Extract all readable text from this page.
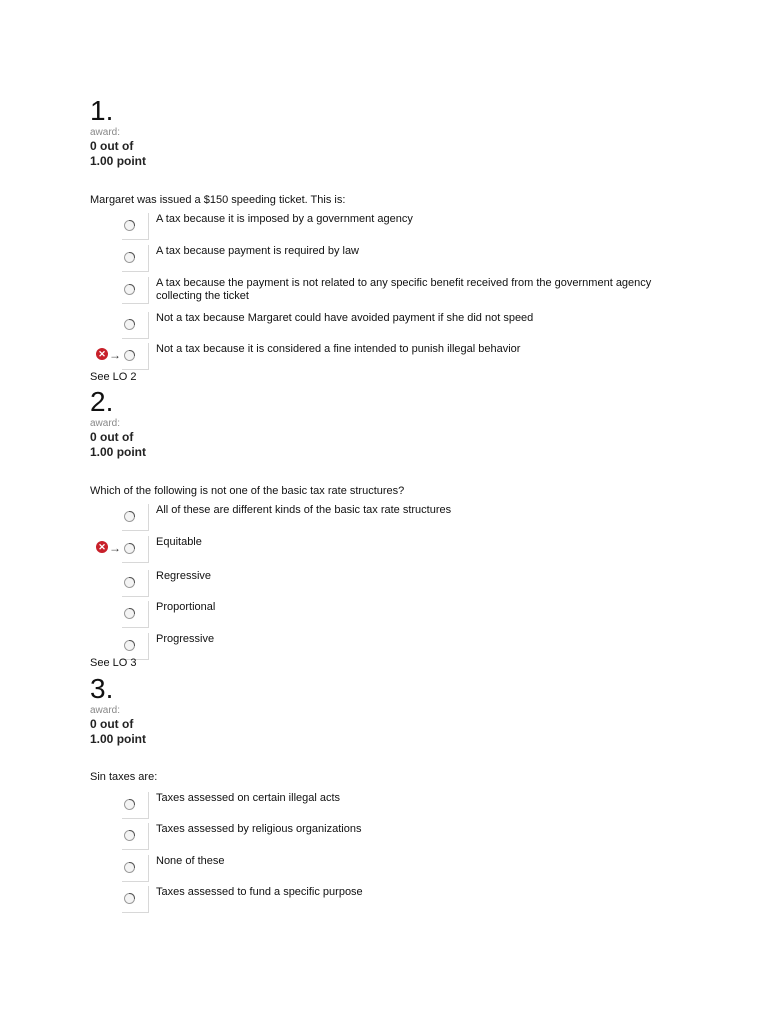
1.
award:
0 out of
1.00 point
Margaret was issued a $150 speeding ticket. This is:
A tax because it is imposed by a government agency
A tax because payment is required by law
A tax because the payment is not related to any specific benefit received from the government agency collecting the ticket
Not a tax because Margaret could have avoided payment if she did not speed
✕ →	Not a tax because it is considered a fine intended to punish illegal behavior
See LO 2
2.
award:
0 out of
1.00 point
Which of the following is not one of the basic tax rate structures?
All of these are different kinds of the basic tax rate structures
✕ →	Equitable
Regressive
Proportional
Progressive
See LO 3
3.
award:
0 out of
1.00 point
Sin taxes are:
Taxes assessed on certain illegal acts
Taxes assessed by religious organizations
None of these
Taxes assessed to fund a specific purpose
